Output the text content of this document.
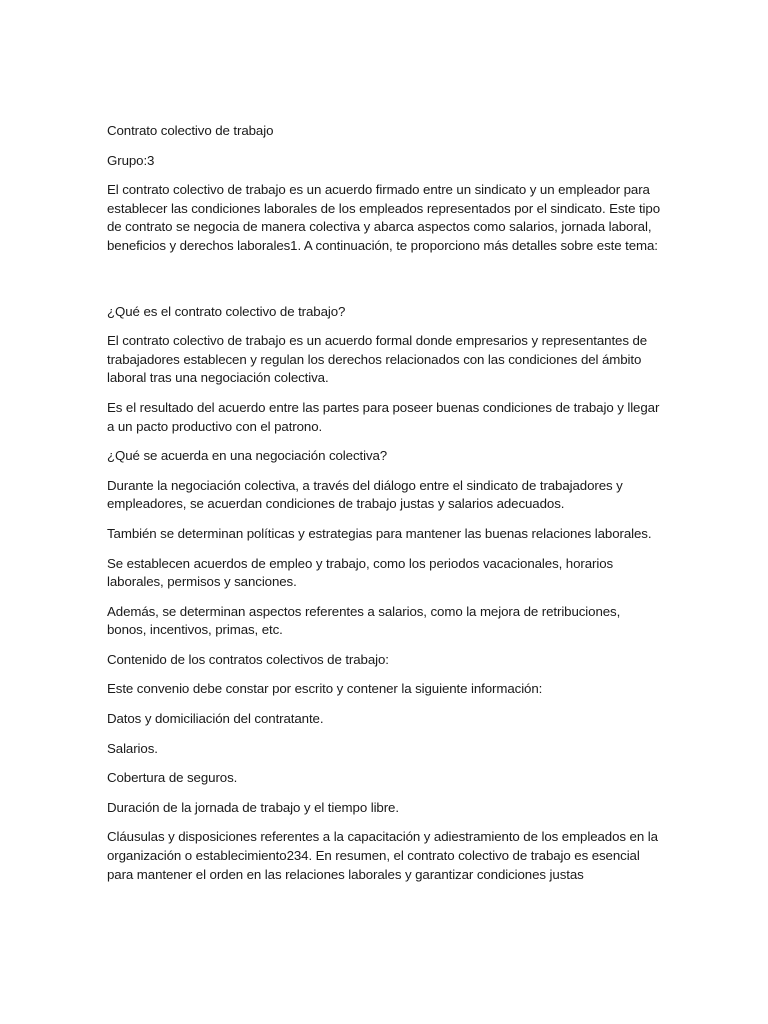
Contrato colectivo de trabajo

Grupo:3

El contrato colectivo de trabajo es un acuerdo firmado entre un sindicato y un empleador para establecer las condiciones laborales de los empleados representados por el sindicato. Este tipo de contrato se negocia de manera colectiva y abarca aspectos como salarios, jornada laboral, beneficios y derechos laborales1. A continuación, te proporciono más detalles sobre este tema:

¿Qué es el contrato colectivo de trabajo?

El contrato colectivo de trabajo es un acuerdo formal donde empresarios y representantes de trabajadores establecen y regulan los derechos relacionados con las condiciones del ámbito laboral tras una negociación colectiva.

Es el resultado del acuerdo entre las partes para poseer buenas condiciones de trabajo y llegar a un pacto productivo con el patrono.

¿Qué se acuerda en una negociación colectiva?

Durante la negociación colectiva, a través del diálogo entre el sindicato de trabajadores y empleadores, se acuerdan condiciones de trabajo justas y salarios adecuados.

También se determinan políticas y estrategias para mantener las buenas relaciones laborales.

Se establecen acuerdos de empleo y trabajo, como los periodos vacacionales, horarios laborales, permisos y sanciones.

Además, se determinan aspectos referentes a salarios, como la mejora de retribuciones, bonos, incentivos, primas, etc.

Contenido de los contratos colectivos de trabajo:

Este convenio debe constar por escrito y contener la siguiente información:

Datos y domiciliación del contratante.

Salarios.

Cobertura de seguros.

Duración de la jornada de trabajo y el tiempo libre.

Cláusulas y disposiciones referentes a la capacitación y adiestramiento de los empleados en la organización o establecimiento234. En resumen, el contrato colectivo de trabajo es esencial para mantener el orden en las relaciones laborales y garantizar condiciones justas
